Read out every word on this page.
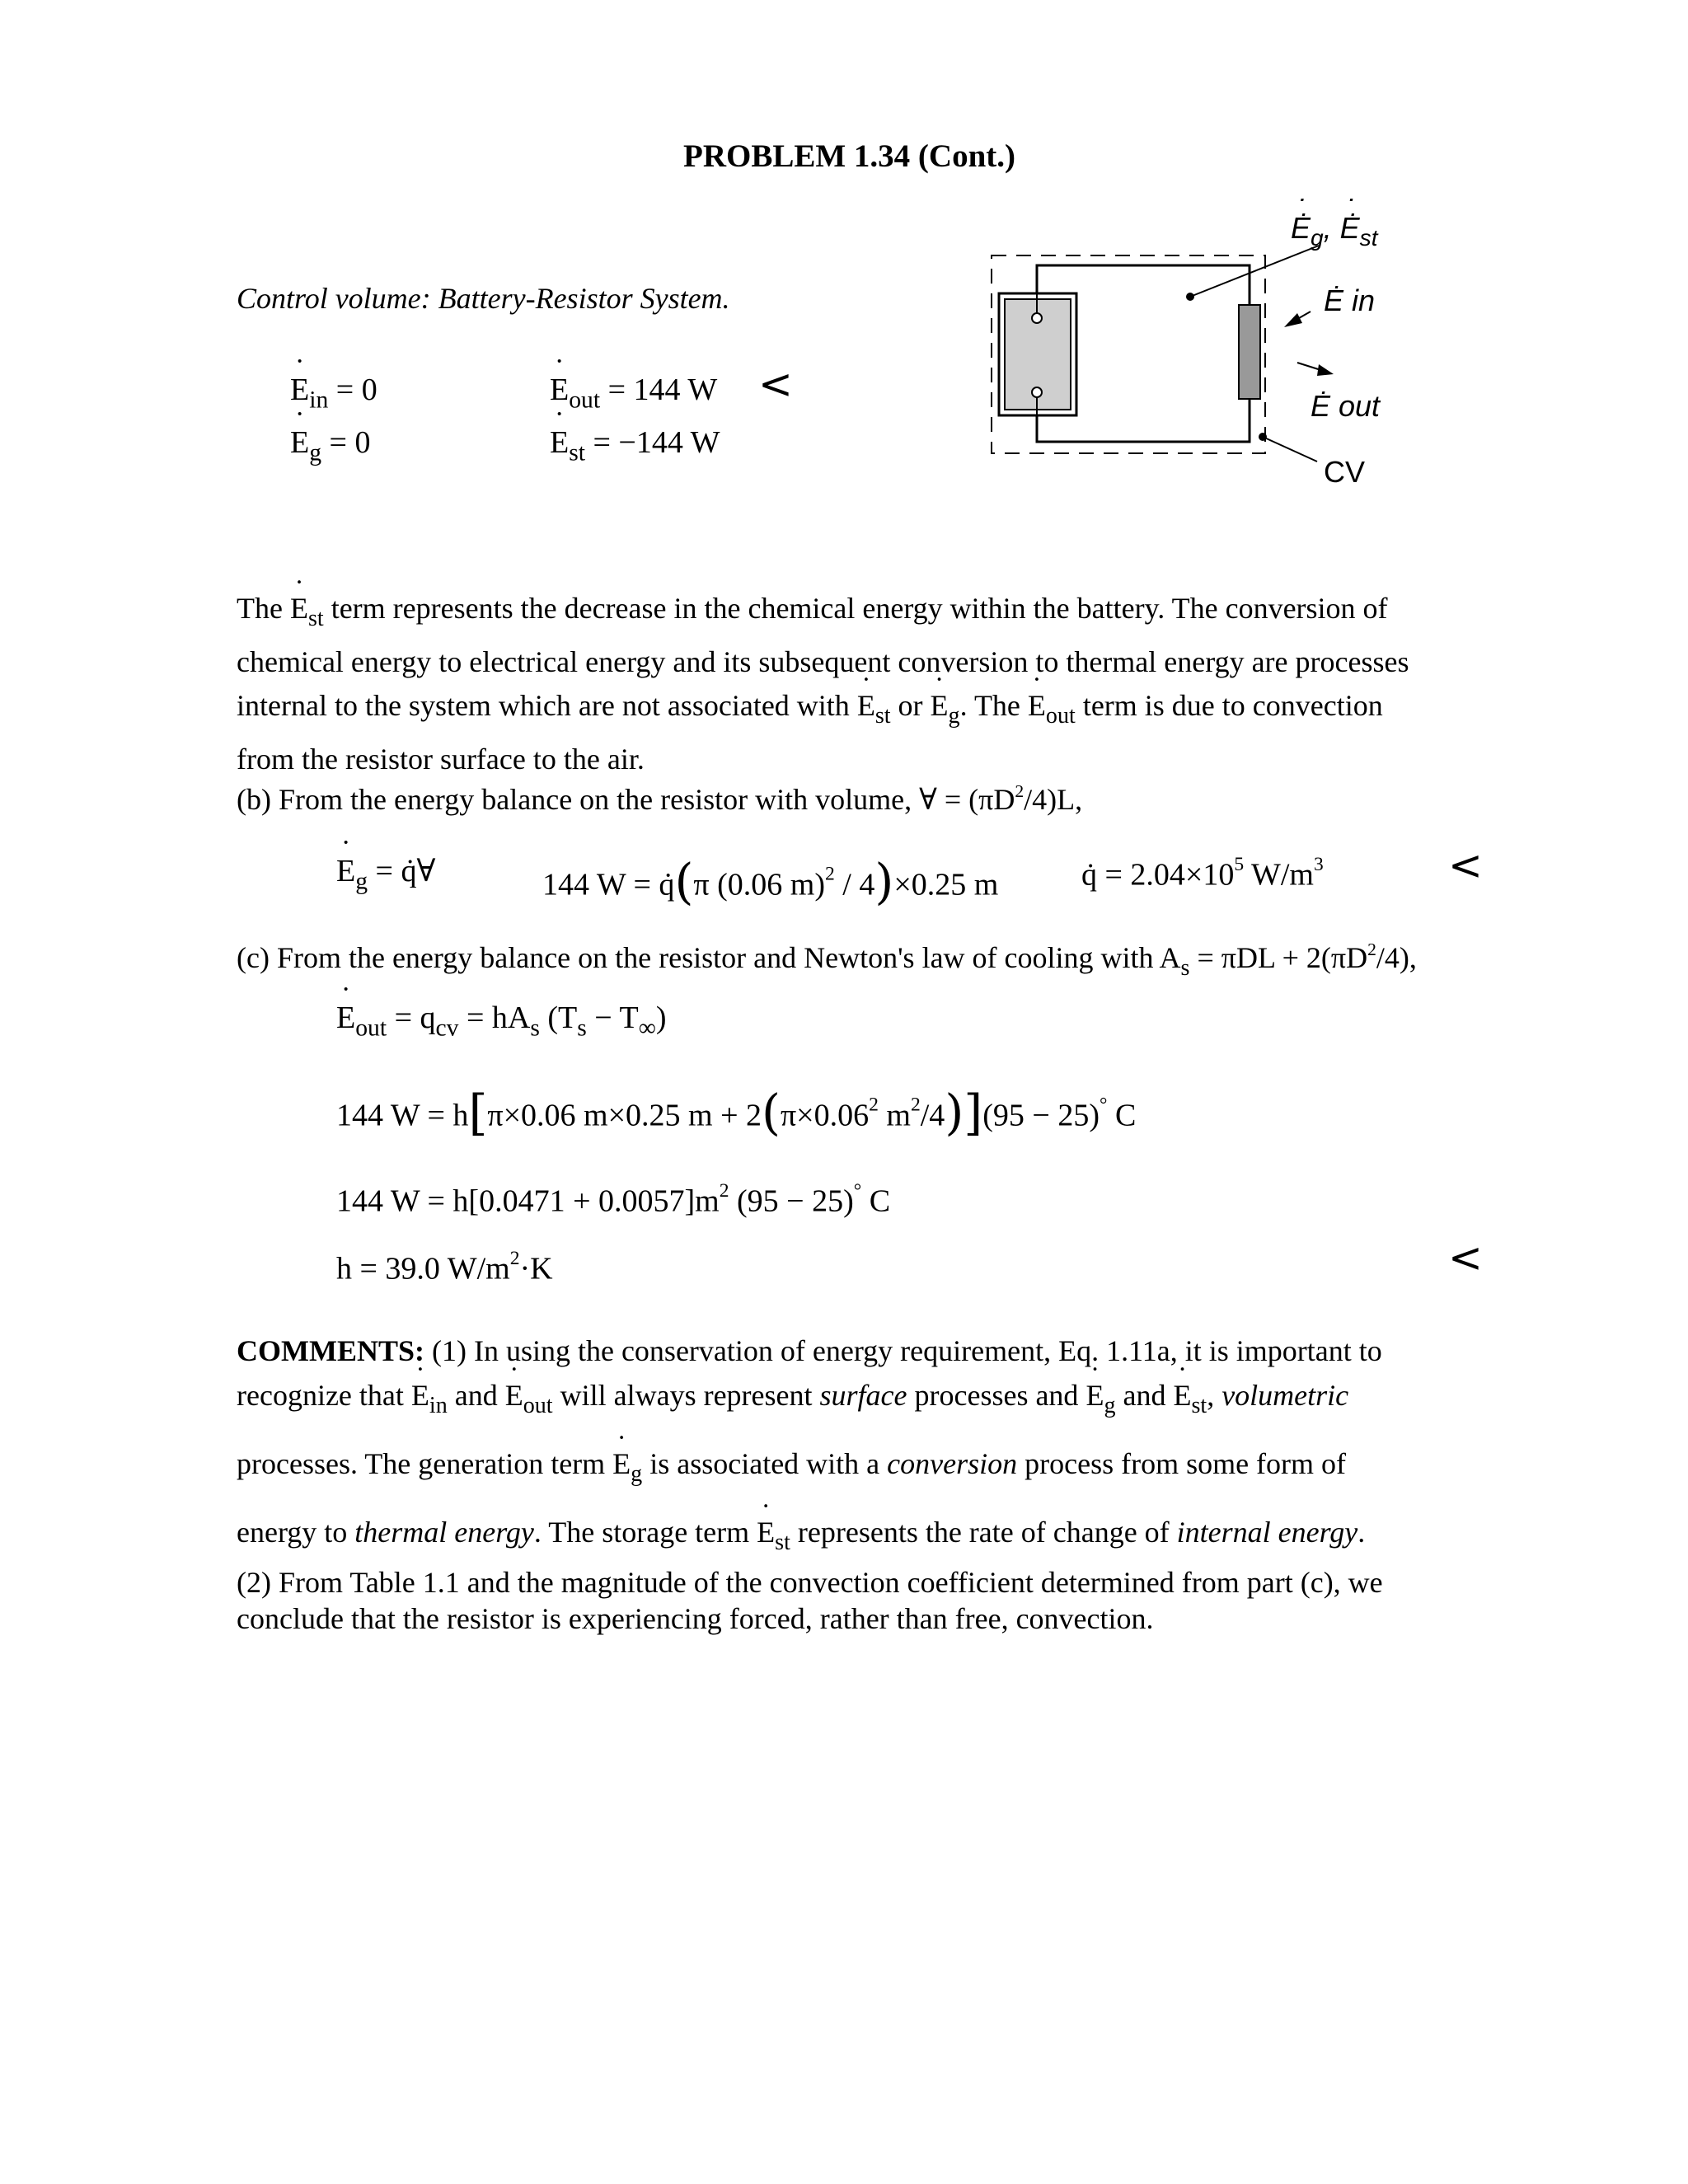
PROBLEM 1.34 (Cont.)
Control volume: Battery-Resistor System.
˙ $E_{in} = 0$	˙ $E_{out} = 144$ W <
˙ $E_g = 0$	˙ $E_{st} = -144$ W
˙ $Ė_g$, ˙ $Ė_{st}$
Ė in
Ė out
CV
The ˙ $E_{st}$ term represents the decrease in the chemical energy within the battery. The conversion of
chemical energy to electrical energy and its subsequent conversion to thermal energy are processes
internal to the system which are not associated with ˙ $E_{st}$ or ˙ $E_g$. The ˙ $E_{out}$ term is due to convection
from the resistor surface to the air.
(b) From the energy balance on the resistor with volume, ∀ = $(\pi D^2/4)L$,
˙ $E_g$ = q̇∀	144 W = q̇(π (0.06 m)$^2$ / 4)×0.25 m	q̇ = $2.04\times 10^5$ $W/m^3$	<
(c) From the energy balance on the resistor and Newton's law of cooling with $A_s = \pi DL + 2(\pi D^2/4)$,
˙ $E_{out} = q_{cv} = hA_s$ $(T_s - T_\infty)$
144 W = h[π×0.06 m×0.25 $m + 2(\pi\times 0.06^2$ $m^2/4)](95 - 25)^\circ$ C
144 $W = h[0.0471 + 0.0057]m^2$ (95 − 25)° C
h = 39.0 $W/m^2\cdot K$	<
COMMENTS: (1) In using the conservation of energy requirement, Eq. 1.11a, it is important to
recognize that ˙ $E_{in}$ and ˙ $E_{out}$ will always represent surface processes and ˙ $E_g$ and ˙ $E_{st}$, volumetric
processes. The generation term ˙ $E_g$ is associated with a conversion process from some form of
energy to thermal energy. The storage term ˙ $E_{st}$ represents the rate of change of internal energy.
(2) From Table 1.1 and the magnitude of the convection coefficient determined from part (c), we
conclude that the resistor is experiencing forced, rather than free, convection.
